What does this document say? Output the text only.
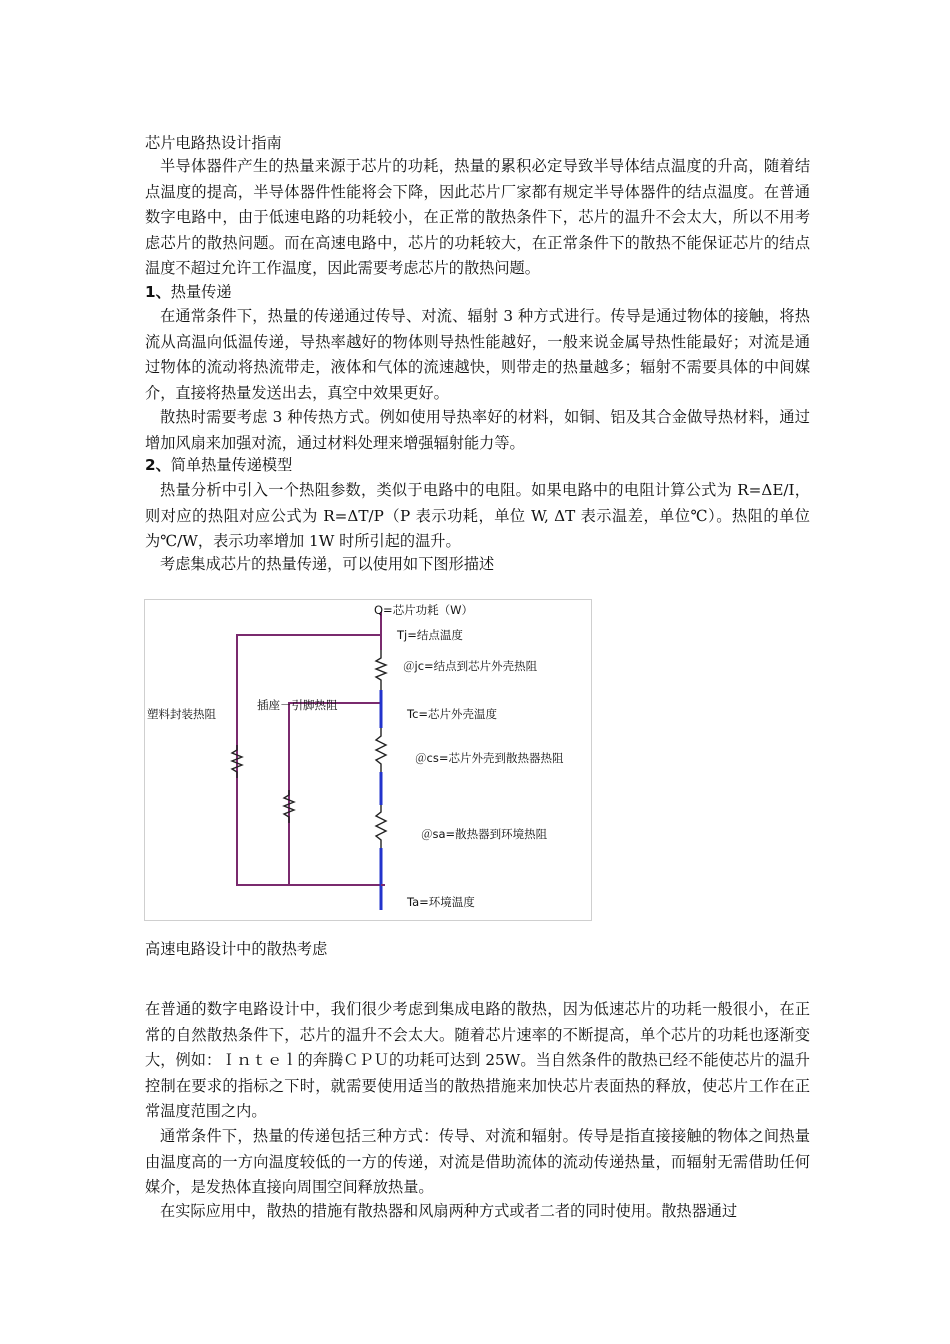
芯片电路热设计指南

半导体器件产生的热量来源于芯片的功耗，热量的累积必定导致半导体结点温度的升高，随着结点温度的提高，半导体器件性能将会下降，因此芯片厂家都有规定半导体器件的结点温度。在普通数字电路中，由于低速电路的功耗较小，在正常的散热条件下，芯片的温升不会太大，所以不用考虑芯片的散热问题。而在高速电路中，芯片的功耗较大，在正常条件下的散热不能保证芯片的结点温度不超过允许工作温度，因此需要考虑芯片的散热问题。

1、热量传递

在通常条件下，热量的传递通过传导、对流、辐射 3 种方式进行。传导是通过物体的接触，将热流从高温向低温传递，导热率越好的物体则导热性能越好，一般来说金属导热性能最好；对流是通过物体的流动将热流带走，液体和气体的流速越快，则带走的热量越多；辐射不需要具体的中间媒介，直接将热量发送出去，真空中效果更好。

散热时需要考虑 3 种传热方式。例如使用导热率好的材料，如铜、铝及其合金做导热材料，通过增加风扇来加强对流，通过材料处理来增强辐射能力等。

2、简单热量传递模型

热量分析中引入一个热阻参数，类似于电路中的电阻。如果电路中的电阻计算公式为 R=ΔE/I，则对应的热阻对应公式为 R=ΔT/P（P 表示功耗，单位 W, ΔT 表示温差，单位℃）。热阻的单位为℃/W，表示功率增加 1W 时所引起的温升。

考虑集成芯片的热量传递，可以使用如下图形描述

Q=芯片功耗（W）
Tj=结点温度
＠jc=结点到芯片外壳热阻
Tc=芯片外壳温度
＠cs=芯片外壳到散热器热阻
＠sa=散热器到环境热阻
Ta=环境温度
塑料封装热阻
插座－引脚热阻

高速电路设计中的散热考虑

在普通的数字电路设计中，我们很少考虑到集成电路的散热，因为低速芯片的功耗一般很小，在正常的自然散热条件下，芯片的温升不会太大。随着芯片速率的不断提高，单个芯片的功耗也逐渐变大，例如：Ｉｎｔｅｌ的奔腾ＣＰＵ的功耗可达到 25W。当自然条件的散热已经不能使芯片的温升控制在要求的指标之下时，就需要使用适当的散热措施来加快芯片表面热的释放，使芯片工作在正常温度范围之内。

通常条件下，热量的传递包括三种方式：传导、对流和辐射。传导是指直接接触的物体之间热量由温度高的一方向温度较低的一方的传递，对流是借助流体的流动传递热量，而辐射无需借助任何媒介，是发热体直接向周围空间释放热量。

在实际应用中，散热的措施有散热器和风扇两种方式或者二者的同时使用。散热器通过
